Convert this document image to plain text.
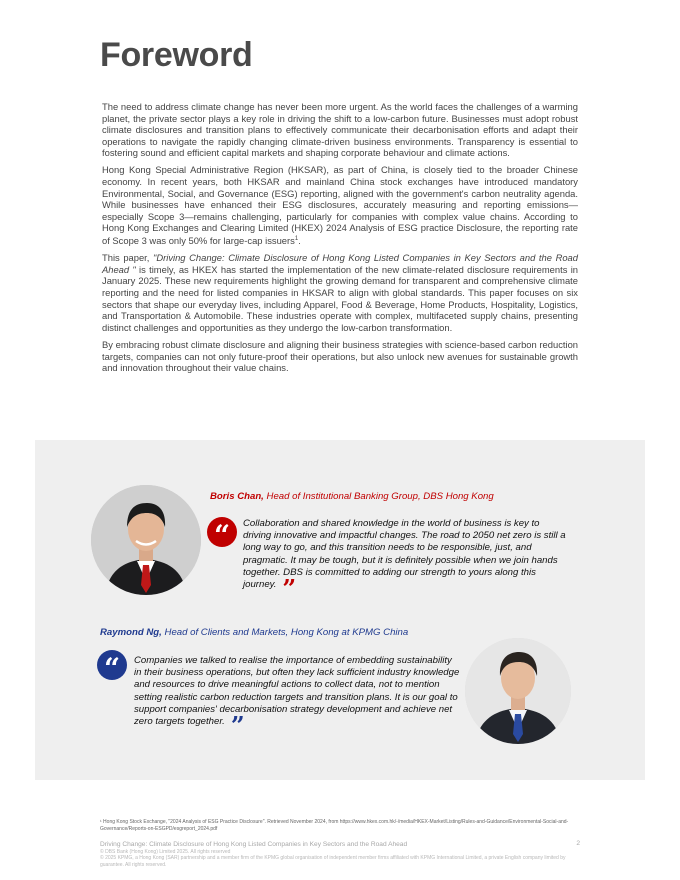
Foreword

The need to address climate change has never been more urgent. As the world faces the challenges of a warming planet, the private sector plays a key role in driving the shift to a low-carbon future. Businesses must adopt robust climate disclosures and transition plans to effectively communicate their decarbonisation efforts and adapt their operations to navigate the rapidly changing climate-driven business environments. Transparency is essential to fostering sound and efficient capital markets and shaping corporate behaviour and climate actions.

Hong Kong Special Administrative Region (HKSAR), as part of China, is closely tied to the broader Chinese economy. In recent years, both HKSAR and mainland China stock exchanges have introduced mandatory Environmental, Social, and Governance (ESG) reporting, aligned with the government's carbon neutrality agenda. While businesses have enhanced their ESG disclosures, accurately measuring and reporting emissions—especially Scope 3—remains challenging, particularly for companies with complex value chains. According to Hong Kong Exchanges and Clearing Limited (HKEX) 2024 Analysis of ESG practice Disclosure, the reporting rate of Scope 3 was only 50% for large-cap issuers$^1$.

This paper, "Driving Change: Climate Disclosure of Hong Kong Listed Companies in Key Sectors and the Road Ahead " is timely, as HKEX has started the implementation of the new climate-related disclosure requirements in January 2025. These new requirements highlight the growing demand for transparent and comprehensive climate reporting and the need for listed companies in HKSAR to align with global standards. This paper focuses on six sectors that shape our everyday lives, including Apparel, Food & Beverage, Home Products, Hospitality, Logistics, and Transportation & Automobile. These industries operate with complex, multifaceted supply chains, presenting distinct challenges and opportunities as they undergo the low-carbon transformation.

By embracing robust climate disclosure and aligning their business strategies with science-based carbon reduction targets, companies can not only future-proof their operations, but also unlock new avenues for sustainable growth and innovation throughout their value chains.

Boris Chan, Head of Institutional Banking Group, DBS Hong Kong
“	Collaboration and shared knowledge in the world of business is key to driving innovative and impactful changes. The road to 2050 net zero is still a long way to go, and this transition needs to be responsible, just, and pragmatic. It may be tough, but it is definitely possible when we join hands together. DBS is committed to adding our strength to yours along this journey. ”
Raymond Ng, Head of Clients and Markets, Hong Kong at KPMG China
“	Companies we talked to realise the importance of embedding sustainability in their business operations, but often they lack sufficient industry knowledge and resources to drive meaningful actions to collect data, not to mention setting realistic carbon reduction targets and transition plans. It is our goal to support companies' decarbonisation strategy development and achieve net zero targets together. ”
¹ Hong Kong Stock Exchange, "2024 Analysis of ESG Practice Disclosure". Retrieved November 2024, from https://www.hkex.com.hk/-/media/HKEX-Market/Listing/Rules-and-Guidance/Environmental-Social-and-Governance/Reports-on-ESGPD/esgreport_2024.pdf
Driving Change: Climate Disclosure of Hong Kong Listed Companies in Key Sectors and the Road Ahead	2
© DBS Bank (Hong Kong) Limited 2025. All rights reserved
© 2025 KPMG, a Hong Kong (SAR) partnership and a member firm of the KPMG global organisation of independent member firms affiliated with KPMG International Limited, a private English company limited by guarantee. All rights reserved.
